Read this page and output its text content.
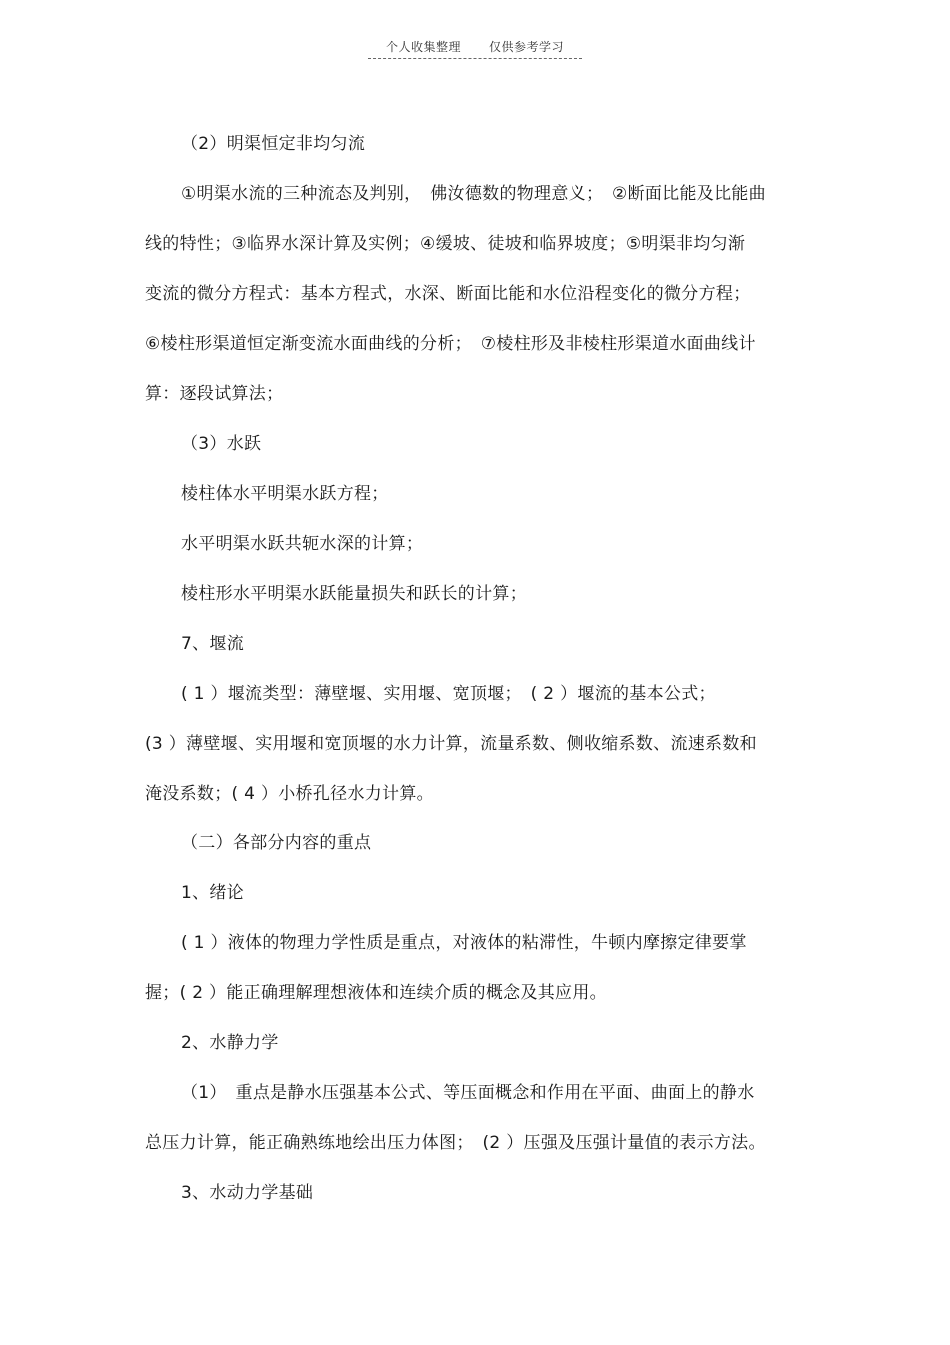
个人收集整理 仅供参考学习
（2）明渠恒定非均匀流
①明渠水流的三种流态及判别，　佛汝德数的物理意义；　②断面比能及比能曲
线的特性；③临界水深计算及实例；④缓坡、徒坡和临界坡度；⑤明渠非均匀渐
变流的微分方程式：基本方程式，水深、断面比能和水位沿程变化的微分方程；
⑥棱柱形渠道恒定渐变流水面曲线的分析；　⑦棱柱形及非棱柱形渠道水面曲线计
算：逐段试算法；
（3）水跃
棱柱体水平明渠水跃方程；
水平明渠水跃共轭水深的计算；
棱柱形水平明渠水跃能量损失和跃长的计算；
7、堰流
( 1 ）堰流类型：薄壁堰、实用堰、宽顶堰；　( 2 ）堰流的基本公式；
(3 ）薄壁堰、实用堰和宽顶堰的水力计算，流量系数、侧收缩系数、流速系数和
淹没系数；( 4 ）小桥孔径水力计算。
（二）各部分内容的重点
1、绪论
( 1 ）液体的物理力学性质是重点，对液体的粘滞性，牛顿内摩擦定律要掌
握；( 2 ）能正确理解理想液体和连续介质的概念及其应用。
2、水静力学
（1）　重点是静水压强基本公式、等压面概念和作用在平面、曲面上的静水
总压力计算，能正确熟练地绘出压力体图；　(2 ）压强及压强计量值的表示方法。
3、水动力学基础
